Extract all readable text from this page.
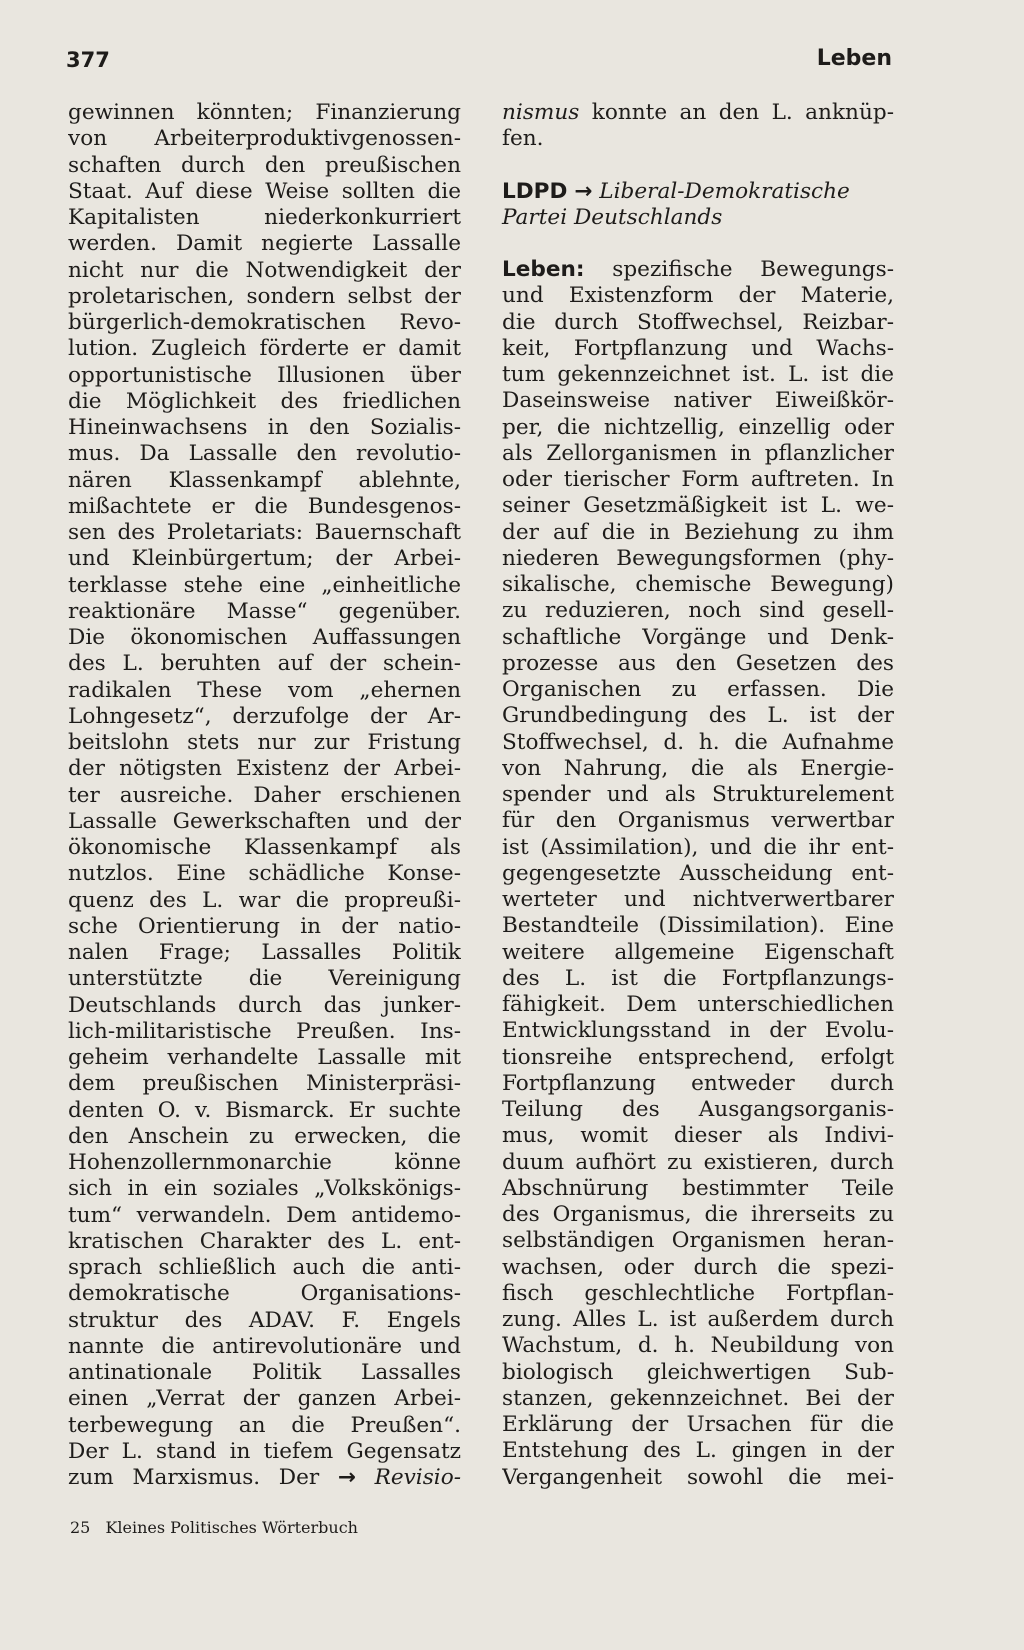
377	Leben
gewinnen könnten; Finanzierung
von Arbeiterproduktivgenossen-
schaften durch den preußischen
Staat. Auf diese Weise sollten die
Kapitalisten niederkonkurriert
werden. Damit negierte Lassalle
nicht nur die Notwendigkeit der
proletarischen, sondern selbst der
bürgerlich-demokratischen Revo-
lution. Zugleich förderte er damit
opportunistische Illusionen über
die Möglichkeit des friedlichen
Hineinwachsens in den Sozialis-
mus. Da Lassalle den revolutio-
nären Klassenkampf ablehnte,
mißachtete er die Bundesgenos-
sen des Proletariats: Bauernschaft
und Kleinbürgertum; der Arbei-
terklasse stehe eine „einheitliche
reaktionäre Masse“ gegenüber.
Die ökonomischen Auffassungen
des L. beruhten auf der schein-
radikalen These vom „ehernen
Lohngesetz“, derzufolge der Ar-
beitslohn stets nur zur Fristung
der nötigsten Existenz der Arbei-
ter ausreiche. Daher erschienen
Lassalle Gewerkschaften und der
ökonomische Klassenkampf als
nutzlos. Eine schädliche Konse-
quenz des L. war die propreußi-
sche Orientierung in der natio-
nalen Frage; Lassalles Politik
unterstützte die Vereinigung
Deutschlands durch das junker-
lich-militaristische Preußen. Ins-
geheim verhandelte Lassalle mit
dem preußischen Ministerpräsi-
denten O. v. Bismarck. Er suchte
den Anschein zu erwecken, die
Hohenzollernmonarchie könne
sich in ein soziales „Volkskönigs-
tum“ verwandeln. Dem antidemo-
kratischen Charakter des L. ent-
sprach schließlich auch die anti-
demokratische Organisations-
struktur des ADAV. F. Engels
nannte die antirevolutionäre und
antinationale Politik Lassalles
einen „Verrat der ganzen Arbei-
terbewegung an die Preußen“.
Der L. stand in tiefem Gegensatz
zum Marxismus. Der → Revisio-
nismus konnte an den L. anknüp-
fen.
LDPD → Liberal-Demokratische
Partei Deutschlands
Leben: spezifische Bewegungs-
und Existenzform der Materie,
die durch Stoffwechsel, Reizbar-
keit, Fortpflanzung und Wachs-
tum gekennzeichnet ist. L. ist die
Daseinsweise nativer Eiweißkör-
per, die nichtzellig, einzellig oder
als Zellorganismen in pflanzlicher
oder tierischer Form auftreten. In
seiner Gesetzmäßigkeit ist L. we-
der auf die in Beziehung zu ihm
niederen Bewegungsformen (phy-
sikalische, chemische Bewegung)
zu reduzieren, noch sind gesell-
schaftliche Vorgänge und Denk-
prozesse aus den Gesetzen des
Organischen zu erfassen. Die
Grundbedingung des L. ist der
Stoffwechsel, d. h. die Aufnahme
von Nahrung, die als Energie-
spender und als Strukturelement
für den Organismus verwertbar
ist (Assimilation), und die ihr ent-
gegengesetzte Ausscheidung ent-
werteter und nichtverwertbarer
Bestandteile (Dissimilation). Eine
weitere allgemeine Eigenschaft
des L. ist die Fortpflanzungs-
fähigkeit. Dem unterschiedlichen
Entwicklungsstand in der Evolu-
tionsreihe entsprechend, erfolgt
Fortpflanzung entweder durch
Teilung des Ausgangsorganis-
mus, womit dieser als Indivi-
duum aufhört zu existieren, durch
Abschnürung bestimmter Teile
des Organismus, die ihrerseits zu
selbständigen Organismen heran-
wachsen, oder durch die spezi-
fisch geschlechtliche Fortpflan-
zung. Alles L. ist außerdem durch
Wachstum, d. h. Neubildung von
biologisch gleichwertigen Sub-
stanzen, gekennzeichnet. Bei der
Erklärung der Ursachen für die
Entstehung des L. gingen in der
Vergangenheit sowohl die mei-
25 Kleines Politisches Wörterbuch
